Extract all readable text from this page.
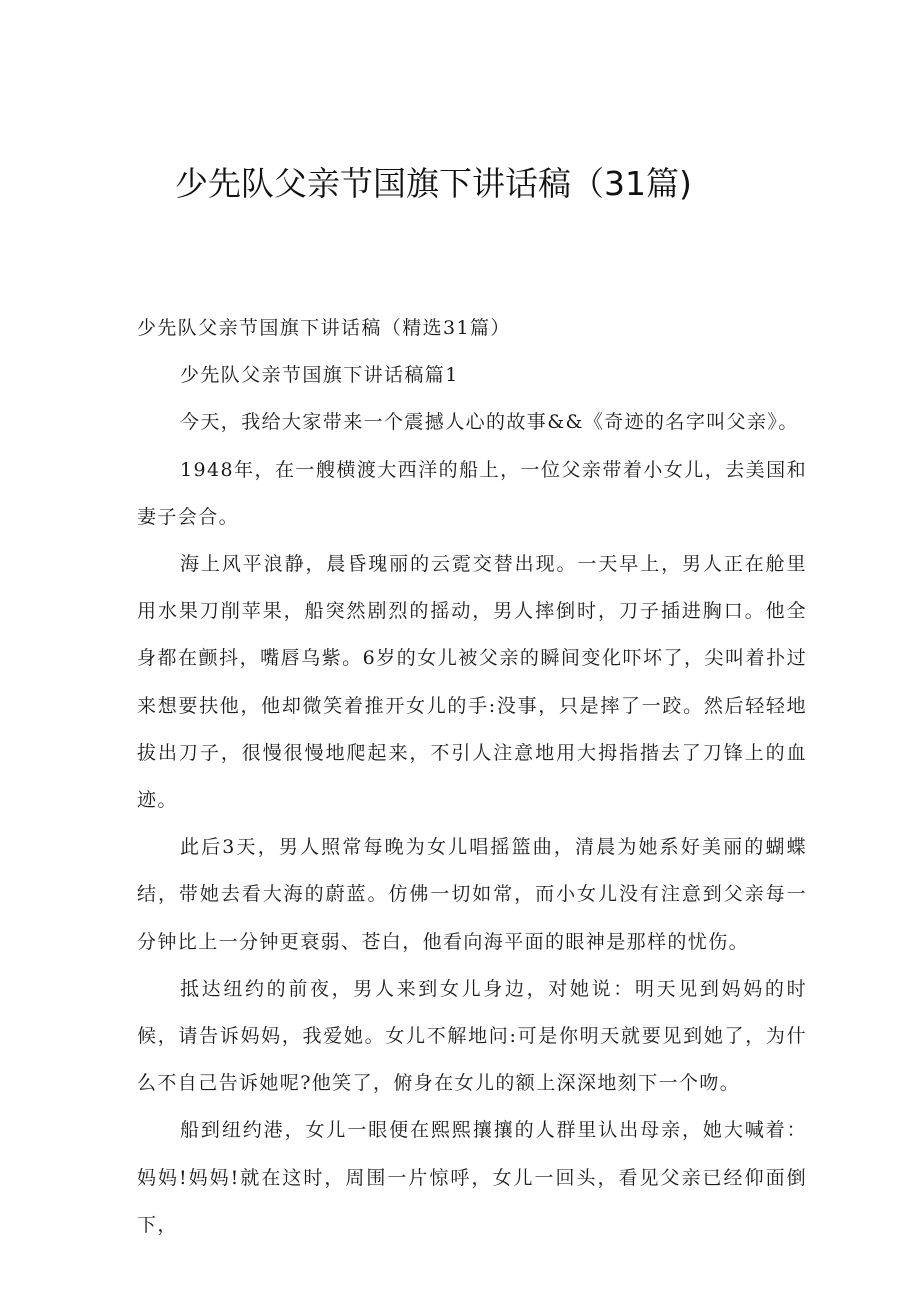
少先队父亲节国旗下讲话稿（31篇)

少先队父亲节国旗下讲话稿（精选31篇）

少先队父亲节国旗下讲话稿篇1

今天，我给大家带来一个震撼人心的故事&&《奇迹的名字叫父亲》。

1948年，在一艘横渡大西洋的船上，一位父亲带着小女儿，去美国和妻子会合。

海上风平浪静，晨昏瑰丽的云霓交替出现。一天早上，男人正在舱里用水果刀削苹果，船突然剧烈的摇动，男人摔倒时，刀子插进胸口。他全身都在颤抖，嘴唇乌紫。6岁的女儿被父亲的瞬间变化吓坏了，尖叫着扑过来想要扶他，他却微笑着推开女儿的手:没事，只是摔了一跤。然后轻轻地拔出刀子，很慢很慢地爬起来，不引人注意地用大拇指揩去了刀锋上的血迹。

此后3天，男人照常每晚为女儿唱摇篮曲，清晨为她系好美丽的蝴蝶结，带她去看大海的蔚蓝。仿佛一切如常，而小女儿没有注意到父亲每一分钟比上一分钟更衰弱、苍白，他看向海平面的眼神是那样的忧伤。

抵达纽约的前夜，男人来到女儿身边，对她说：明天见到妈妈的时候，请告诉妈妈，我爱她。女儿不解地问:可是你明天就要见到她了，为什么不自己告诉她呢?他笑了，俯身在女儿的额上深深地刻下一个吻。

船到纽约港，女儿一眼便在熙熙攘攘的人群里认出母亲，她大喊着：妈妈!妈妈!就在这时，周围一片惊呼，女儿一回头，看见父亲已经仰面倒下，
